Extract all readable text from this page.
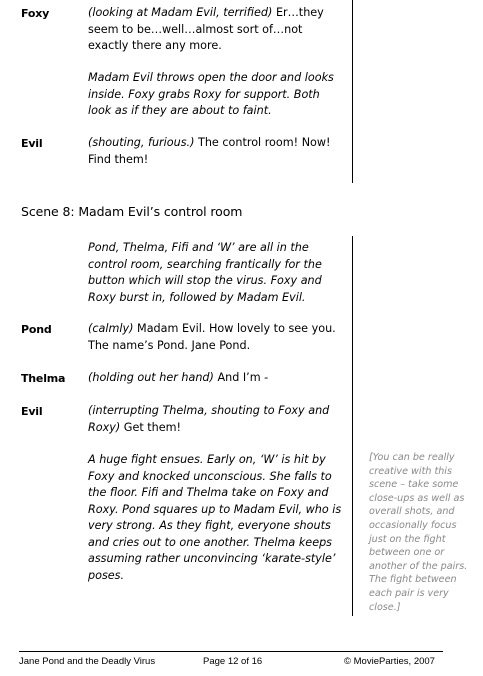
Foxy	(looking at Madam Evil, terrified) Er…they seem to be…well…almost sort of…not exactly there any more.
Madam Evil throws open the door and looks inside. Foxy grabs Roxy for support. Both look as if they are about to faint.
Evil	(shouting, furious.) The control room! Now! Find them!
Scene 8: Madam Evil’s control room
Pond, Thelma, Fifi and ‘W’ are all in the control room, searching frantically for the button which will stop the virus. Foxy and Roxy burst in, followed by Madam Evil.
Pond	(calmly) Madam Evil. How lovely to see you. The name’s Pond. Jane Pond.
Thelma (holding out her hand) And I’m -
Evil	(interrupting Thelma, shouting to Foxy and Roxy) Get them!
A huge fight ensues. Early on, ‘W’ is hit by Foxy and knocked unconscious. She falls to the floor. Fifi and Thelma take on Foxy and Roxy. Pond squares up to Madam Evil, who is very strong. As they fight, everyone shouts and cries out to one another. Thelma keeps assuming rather unconvincing ‘karate-style’ poses.
[You can be really creative with this scene – take some close-ups as well as overall shots, and occasionally focus just on the fight between one or another of the pairs. The fight between each pair is very close.]
Jane Pond and the Deadly Virus	Page 12 of 16	© MovieParties, 2007
